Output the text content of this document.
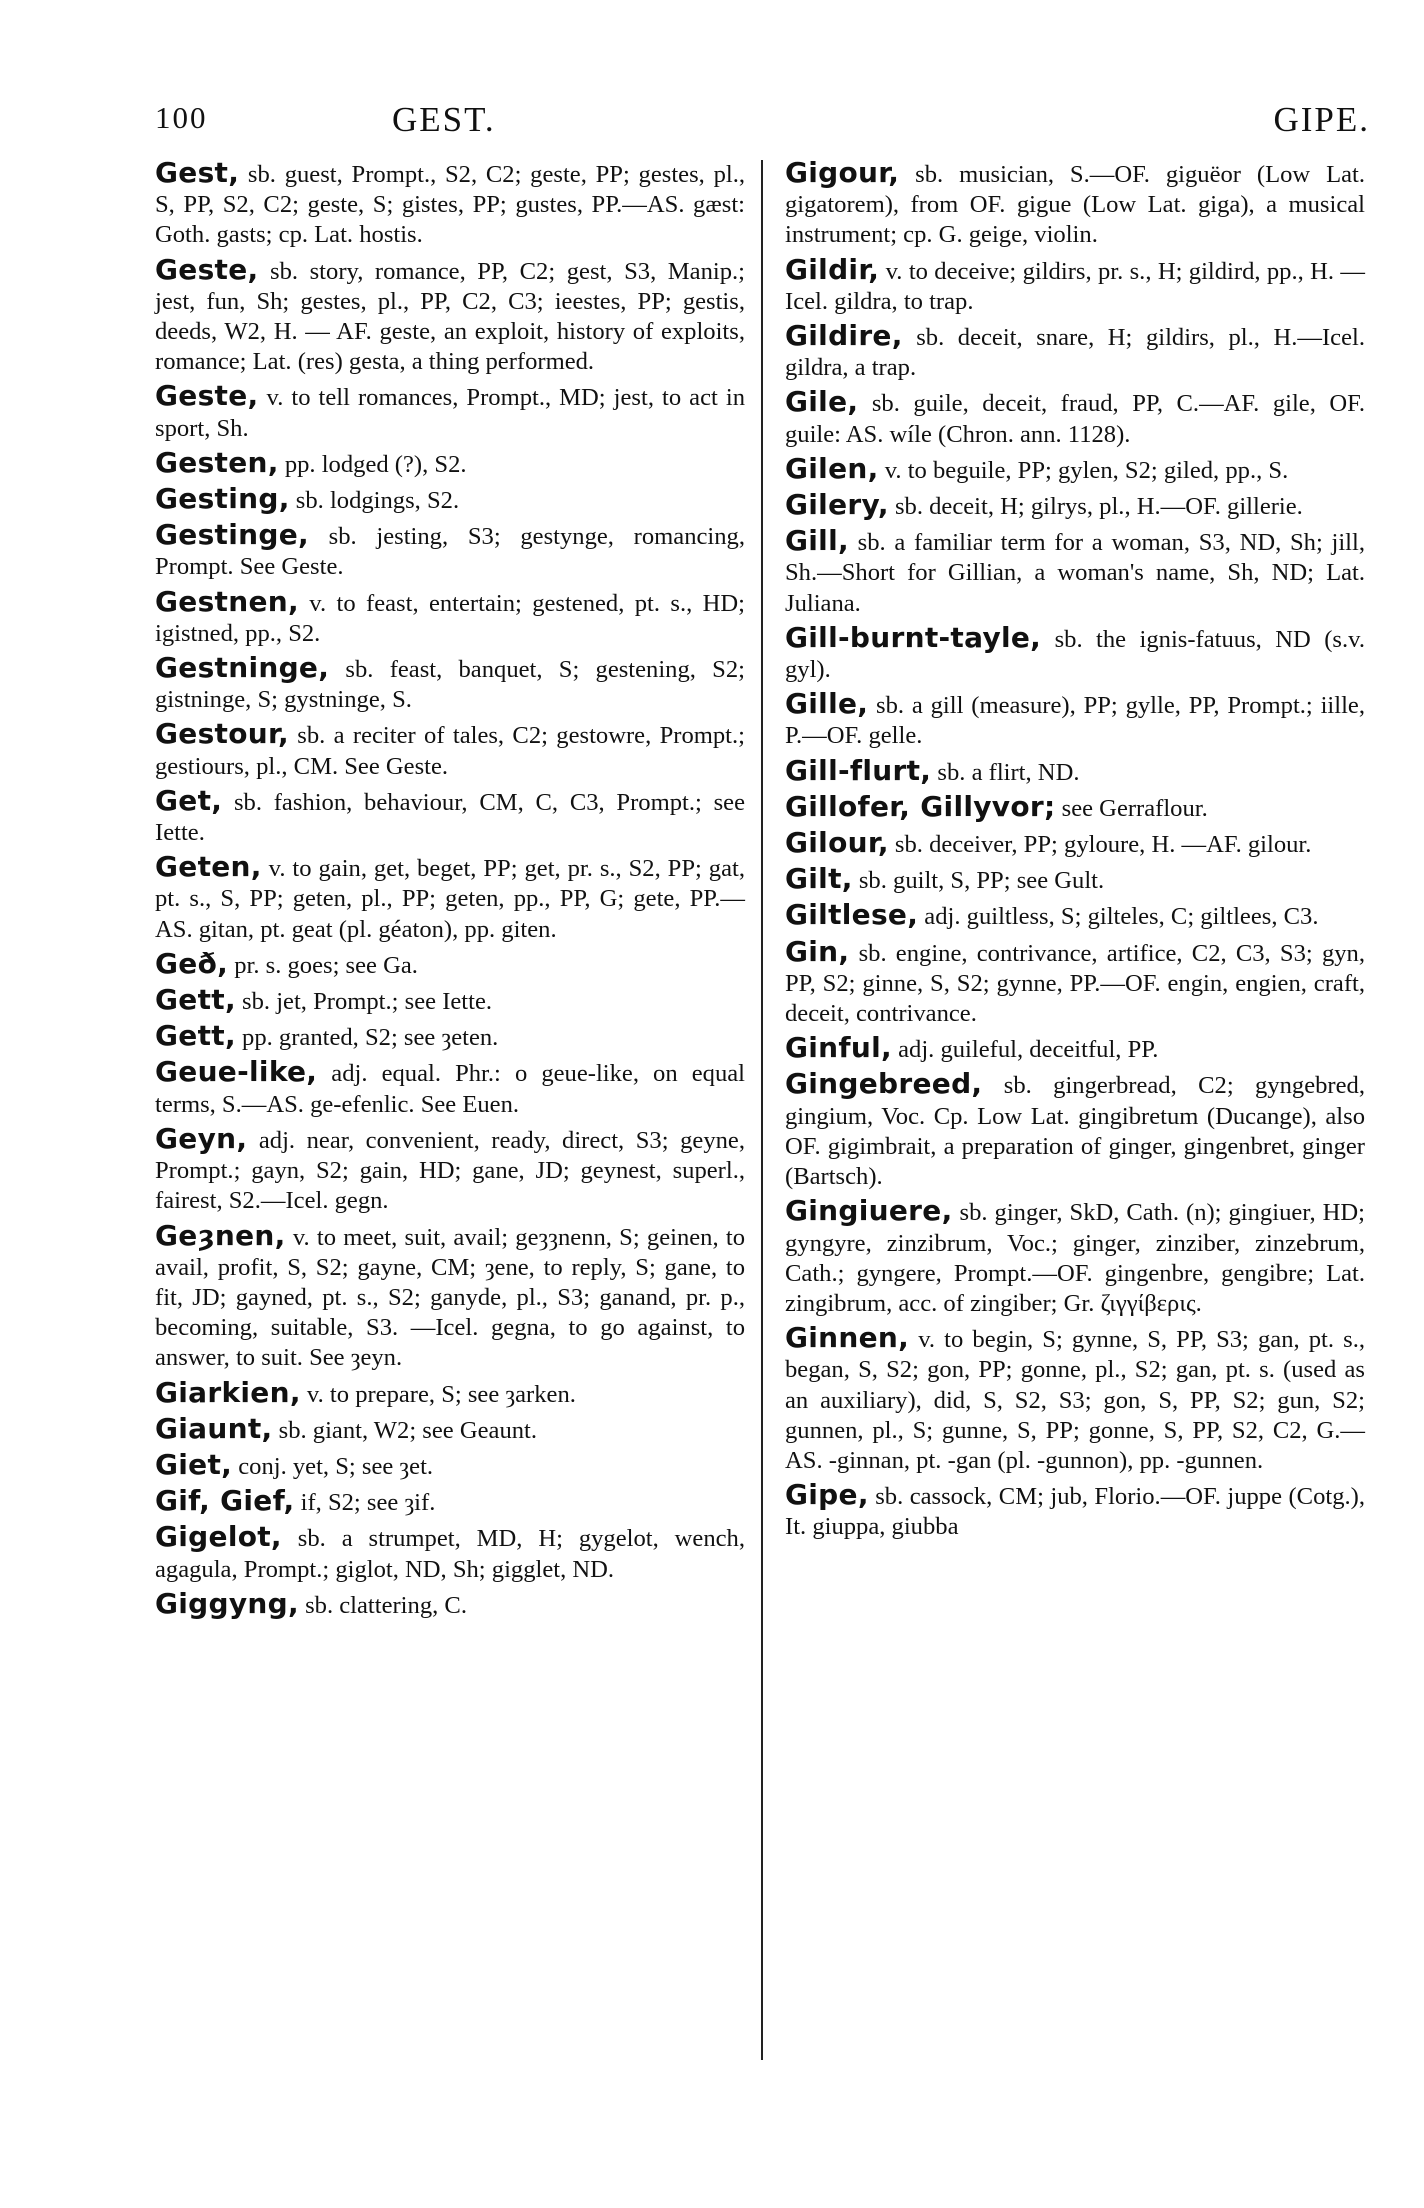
100	GEST.	GIPE.

Gest, sb. guest, Prompt., S2, C2; geste, PP; gestes, pl., S, PP, S2, C2; geste, S; gistes, PP; gustes, PP.—AS. gæst: Goth. gasts; cp. Lat. hostis.

Geste, sb. story, romance, PP, C2; gest, S3, Manip.; jest, fun, Sh; gestes, pl., PP, C2, C3; ieestes, PP; gestis, deeds, W2, H. — AF. geste, an exploit, history of exploits, romance; Lat. (res) gesta, a thing performed.

Geste, v. to tell romances, Prompt., MD; jest, to act in sport, Sh.

Gesten, pp. lodged (?), S2.

Gesting, sb. lodgings, S2.

Gestinge, sb. jesting, S3; gestynge, romancing, Prompt. See Geste.

Gestnen, v. to feast, entertain; gestened, pt. s., HD; igistned, pp., S2.

Gestninge, sb. feast, banquet, S; gestening, S2; gistninge, S; gystninge, S.

Gestour, sb. a reciter of tales, C2; gestowre, Prompt.; gestiours, pl., CM. See Geste.

Get, sb. fashion, behaviour, CM, C, C3, Prompt.; see Iette.

Geten, v. to gain, get, beget, PP; get, pr. s., S2, PP; gat, pt. s., S, PP; geten, pl., PP; geten, pp., PP, G; gete, PP.—AS. gitan, pt. geat (pl. géaton), pp. giten.

Geð, pr. s. goes; see Ga.

Gett, sb. jet, Prompt.; see Iette.

Gett, pp. granted, S2; see ȝeten.

Geue-like, adj. equal. Phr.: o geue-like, on equal terms, S.—AS. ge-efenlic. See Euen.

Geyn, adj. near, convenient, ready, direct, S3; geyne, Prompt.; gayn, S2; gain, HD; gane, JD; geynest, superl., fairest, S2.—Icel. gegn.

Geȝnen, v. to meet, suit, avail; geȝȝnenn, S; geinen, to avail, profit, S, S2; gayne, CM; ȝene, to reply, S; gane, to fit, JD; gayned, pt. s., S2; ganyde, pl., S3; ganand, pr. p., becoming, suitable, S3. —Icel. gegna, to go against, to answer, to suit. See ȝeyn.

Giarkien, v. to prepare, S; see ȝarken.

Giaunt, sb. giant, W2; see Geaunt.

Giet, conj. yet, S; see ȝet.

Gif, Gief, if, S2; see ȝif.

Gigelot, sb. a strumpet, MD, H; gygelot, wench, agagula, Prompt.; giglot, ND, Sh; gigglet, ND.

Giggyng, sb. clattering, C.

Gigour, sb. musician, S.—OF. giguëor (Low Lat. gigatorem), from OF. gigue (Low Lat. giga), a musical instrument; cp. G. geige, violin.

Gildir, v. to deceive; gildirs, pr. s., H; gildird, pp., H. — Icel. gildra, to trap.

Gildire, sb. deceit, snare, H; gildirs, pl., H.—Icel. gildra, a trap.

Gile, sb. guile, deceit, fraud, PP, C.—AF. gile, OF. guile: AS. wíle (Chron. ann. 1128).

Gilen, v. to beguile, PP; gylen, S2; giled, pp., S.

Gilery, sb. deceit, H; gilrys, pl., H.—OF. gillerie.

Gill, sb. a familiar term for a woman, S3, ND, Sh; jill, Sh.—Short for Gillian, a woman's name, Sh, ND; Lat. Juliana.

Gill-burnt-tayle, sb. the ignis-fatuus, ND (s.v. gyl).

Gille, sb. a gill (measure), PP; gylle, PP, Prompt.; iille, P.—OF. gelle.

Gill-flurt, sb. a flirt, ND.

Gillofer, Gillyvor; see Gerraflour.

Gilour, sb. deceiver, PP; gyloure, H. —AF. gilour.

Gilt, sb. guilt, S, PP; see Gult.

Giltlese, adj. guiltless, S; gilteles, C; giltlees, C3.

Gin, sb. engine, contrivance, artifice, C2, C3, S3; gyn, PP, S2; ginne, S, S2; gynne, PP.—OF. engin, engien, craft, deceit, contrivance.

Ginful, adj. guileful, deceitful, PP.

Gingebreed, sb. gingerbread, C2; gyngebred, gingium, Voc. Cp. Low Lat. gingibretum (Ducange), also OF. gigimbrait, a preparation of ginger, gingenbret, ginger (Bartsch).

Gingiuere, sb. ginger, SkD, Cath. (n); gingiuer, HD; gyngyre, zinzibrum, Voc.; ginger, zinziber, zinzebrum, Cath.; gyngere, Prompt.—OF. gingenbre, gengibre; Lat. zingibrum, acc. of zingiber; Gr. ζιγγίβερις.

Ginnen, v. to begin, S; gynne, S, PP, S3; gan, pt. s., began, S, S2; gon, PP; gonne, pl., S2; gan, pt. s. (used as an auxiliary), did, S, S2, S3; gon, S, PP, S2; gun, S2; gunnen, pl., S; gunne, S, PP; gonne, S, PP, S2, C2, G.—AS. -ginnan, pt. -gan (pl. -gunnon), pp. -gunnen.

Gipe, sb. cassock, CM; jub, Florio.—OF. juppe (Cotg.), It. giuppa, giubba
